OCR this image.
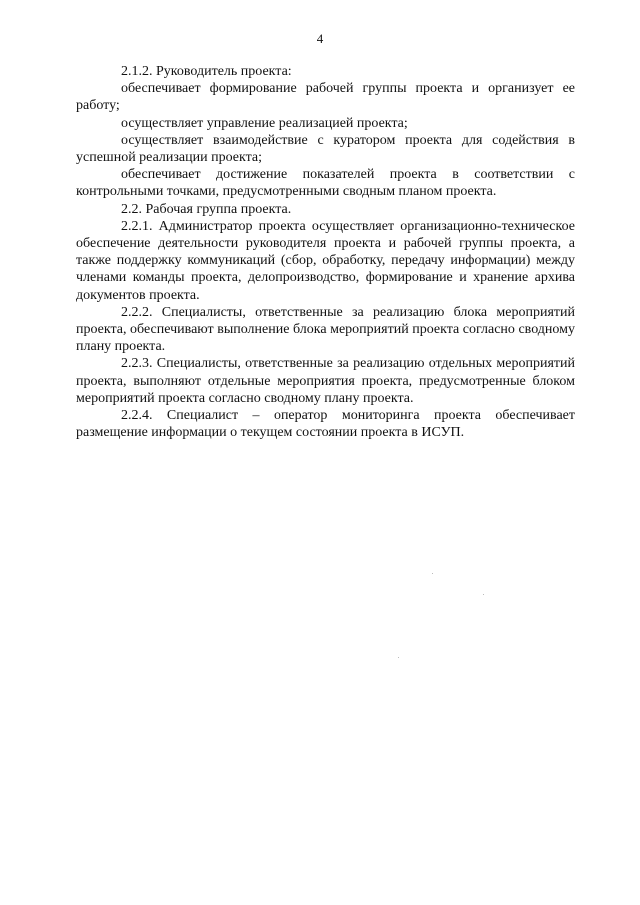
4

2.1.2. Руководитель проекта:

обеспечивает формирование рабочей группы проекта и организует ее работу;

осуществляет управление реализацией проекта;

осуществляет взаимодействие с куратором проекта для содействия в успешной реализации проекта;

обеспечивает достижение показателей проекта в соответствии с контрольными точками, предусмотренными сводным планом проекта.

2.2. Рабочая группа проекта.

2.2.1. Администратор проекта осуществляет организационно-техническое обеспечение деятельности руководителя проекта и рабочей группы проекта, а также поддержку коммуникаций (сбор, обработку, передачу информации) между членами команды проекта, делопроизводство, формирование и хранение архива документов проекта.

2.2.2. Специалисты, ответственные за реализацию блока мероприятий проекта, обеспечивают выполнение блока мероприятий проекта согласно сводному плану проекта.

2.2.3. Специалисты, ответственные за реализацию отдельных мероприятий проекта, выполняют отдельные мероприятия проекта, предусмотренные блоком мероприятий проекта согласно сводному плану проекта.

2.2.4. Специалист – оператор мониторинга проекта обеспечивает размещение информации о текущем состоянии проекта в ИСУП.
